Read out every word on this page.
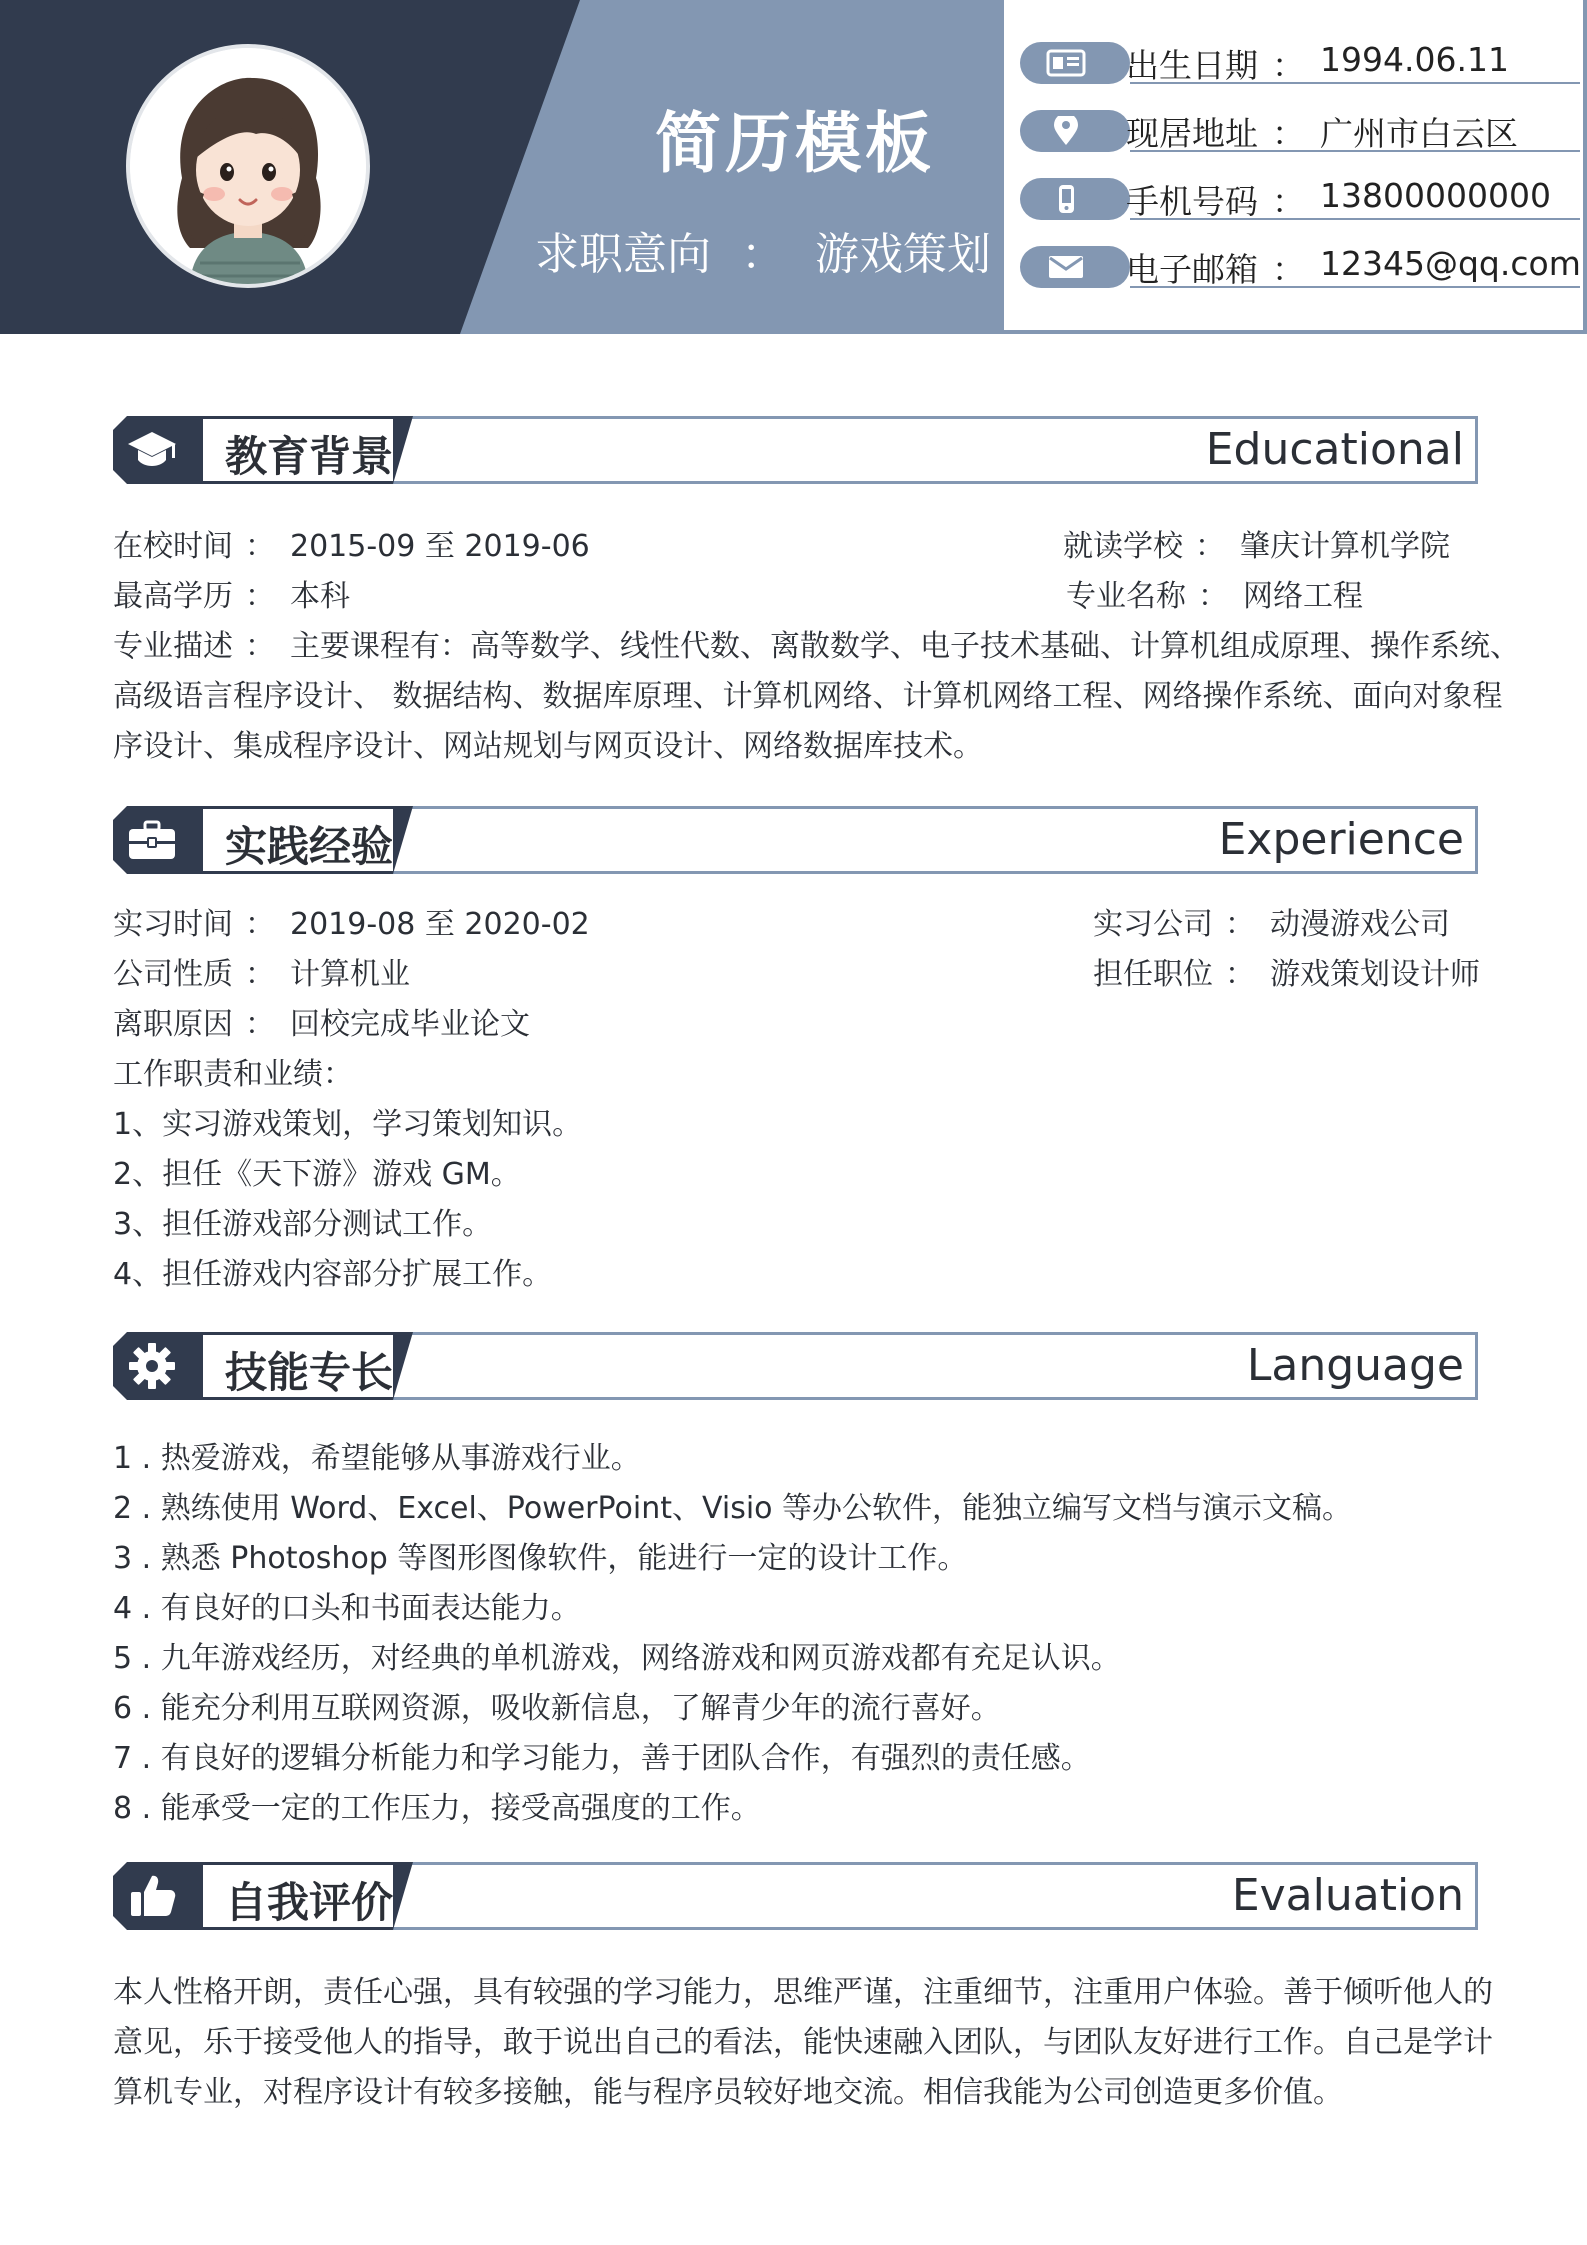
简历模板
求职意向 ： 游戏策划
出生日期 ： 1994.06.11
现居地址 ： 广州市白云区
手机号码 ： 13800000000
电子邮箱 ： 12345@qq.com
教育背景	Educational
在校时间 ： 2015-09 至 2019-06	就读学校 ： 肇庆计算机学院
最高学历 ： 本科	专业名称 ： 网络工程
专业描述 ： 主要课程有：高等数学、线性代数、离散数学、电子技术基础、计算机组成原理、操作系统、
高级语言程序设计、 数据结构、数据库原理、计算机网络、计算机网络工程、网络操作系统、面向对象程
序设计、集成程序设计、网站规划与网页设计、网络数据库技术。
实践经验	Experience
实习时间 ： 2019-08 至 2020-02	实习公司 ： 动漫游戏公司
公司性质 ： 计算机业	担任职位 ： 游戏策划设计师
离职原因 ： 回校完成毕业论文
工作职责和业绩：
1、实习游戏策划，学习策划知识。
2、担任《天下游》游戏 GM。
3、担任游戏部分测试工作。
4、担任游戏内容部分扩展工作。
技能专长	Language
1 . 热爱游戏，希望能够从事游戏行业。
2 . 熟练使用 Word、Excel、PowerPoint、Visio 等办公软件，能独立编写文档与演示文稿。
3 . 熟悉 Photoshop 等图形图像软件，能进行一定的设计工作。
4 . 有良好的口头和书面表达能力。
5 . 九年游戏经历，对经典的单机游戏，网络游戏和网页游戏都有充足认识。
6 . 能充分利用互联网资源，吸收新信息，了解青少年的流行喜好。
7 . 有良好的逻辑分析能力和学习能力，善于团队合作，有强烈的责任感。
8 . 能承受一定的工作压力，接受高强度的工作。
自我评价	Evaluation
本人性格开朗，责任心强，具有较强的学习能力，思维严谨，注重细节，注重用户体验。善于倾听他人的
意见，乐于接受他人的指导，敢于说出自己的看法，能快速融入团队，与团队友好进行工作。自己是学计
算机专业，对程序设计有较多接触，能与程序员较好地交流。相信我能为公司创造更多价值。
